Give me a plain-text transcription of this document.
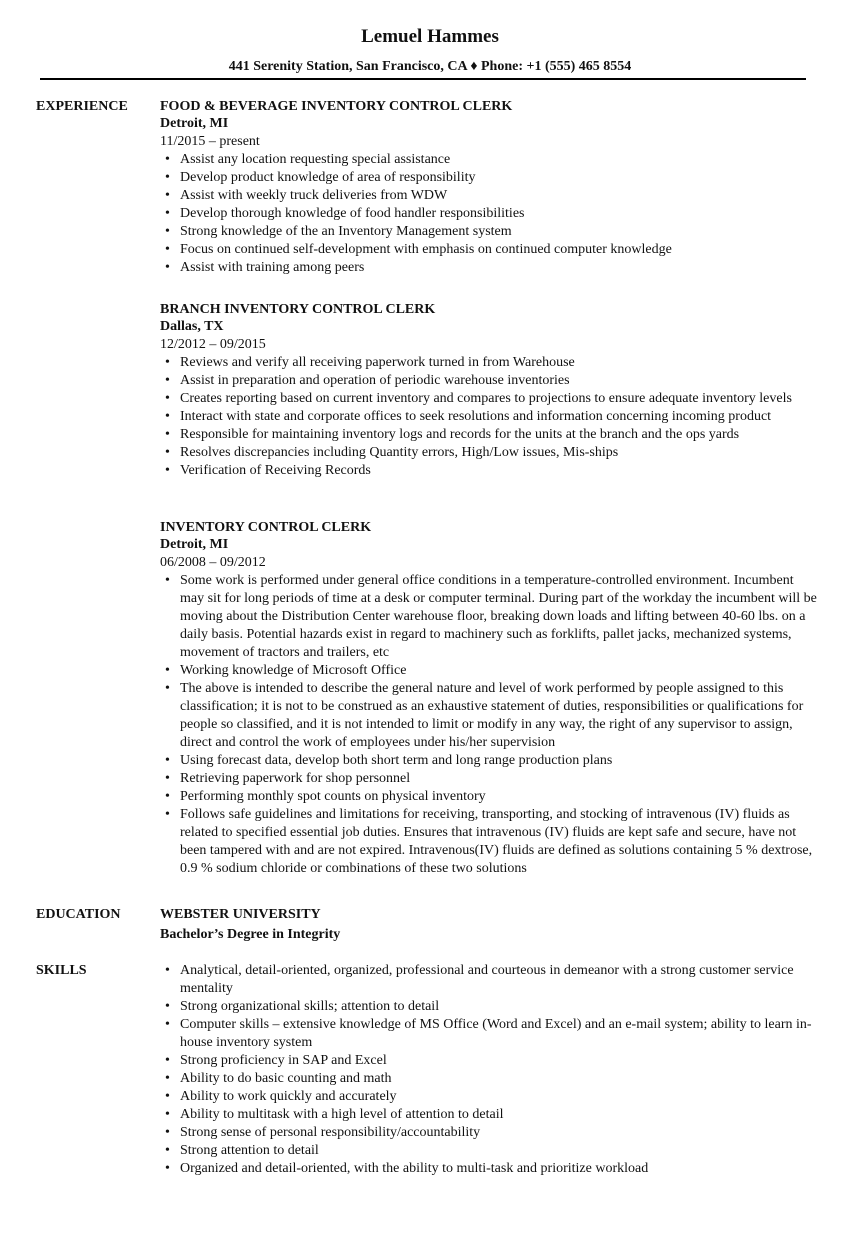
Lemuel Hammes
441 Serenity Station, San Francisco, CA ♦ Phone: +1 (555) 465 8554
EXPERIENCE FOOD & BEVERAGE INVENTORY CONTROL CLERK
Detroit, MI
11/2015 – present
• Assist any location requesting special assistance
• Develop product knowledge of area of responsibility
• Assist with weekly truck deliveries from WDW
• Develop thorough knowledge of food handler responsibilities
• Strong knowledge of the an Inventory Management system
• Focus on continued self-development with emphasis on continued computer knowledge
• Assist with training among peers
BRANCH INVENTORY CONTROL CLERK
Dallas, TX
12/2012 – 09/2015
• Reviews and verify all receiving paperwork turned in from Warehouse
• Assist in preparation and operation of periodic warehouse inventories
• Creates reporting based on current inventory and compares to projections to ensure adequate inventory levels
• Interact with state and corporate offices to seek resolutions and information concerning incoming product
• Responsible for maintaining inventory logs and records for the units at the branch and the ops yards
• Resolves discrepancies including Quantity errors, High/Low issues, Mis-ships
• Verification of Receiving Records
INVENTORY CONTROL CLERK
Detroit, MI
06/2008 – 09/2012
• Some work is performed under general office conditions in a temperature-controlled environment. Incumbent may sit for long periods of time at a desk or computer terminal. During part of the workday the incumbent will be moving about the Distribution Center warehouse floor, breaking down loads and lifting between 40-60 lbs. on a daily basis. Potential hazards exist in regard to machinery such as forklifts, pallet jacks, mechanized systems, movement of tractors and trailers, etc
• Working knowledge of Microsoft Office
• The above is intended to describe the general nature and level of work performed by people assigned to this classification; it is not to be construed as an exhaustive statement of duties, responsibilities or qualifications for people so classified, and it is not intended to limit or modify in any way, the right of any supervisor to assign, direct and control the work of employees under his/her supervision
• Using forecast data, develop both short term and long range production plans
• Retrieving paperwork for shop personnel
• Performing monthly spot counts on physical inventory
• Follows safe guidelines and limitations for receiving, transporting, and stocking of intravenous (IV) fluids as related to specified essential job duties. Ensures that intravenous (IV) fluids are kept safe and secure, have not been tampered with and are not expired. Intravenous(IV) fluids are defined as solutions containing 5 % dextrose, 0.9 % sodium chloride or combinations of these two solutions
EDUCATION	WEBSTER UNIVERSITY
Bachelor’s Degree in Integrity
SKILLS	• Analytical, detail-oriented, organized, professional and courteous in demeanor with a strong customer service mentality
• Strong organizational skills; attention to detail
• Computer skills – extensive knowledge of MS Office (Word and Excel) and an e-mail system; ability to learn in-house inventory system
• Strong proficiency in SAP and Excel
• Ability to do basic counting and math
• Ability to work quickly and accurately
• Ability to multitask with a high level of attention to detail
• Strong sense of personal responsibility/accountability
• Strong attention to detail
• Organized and detail-oriented, with the ability to multi-task and prioritize workload
